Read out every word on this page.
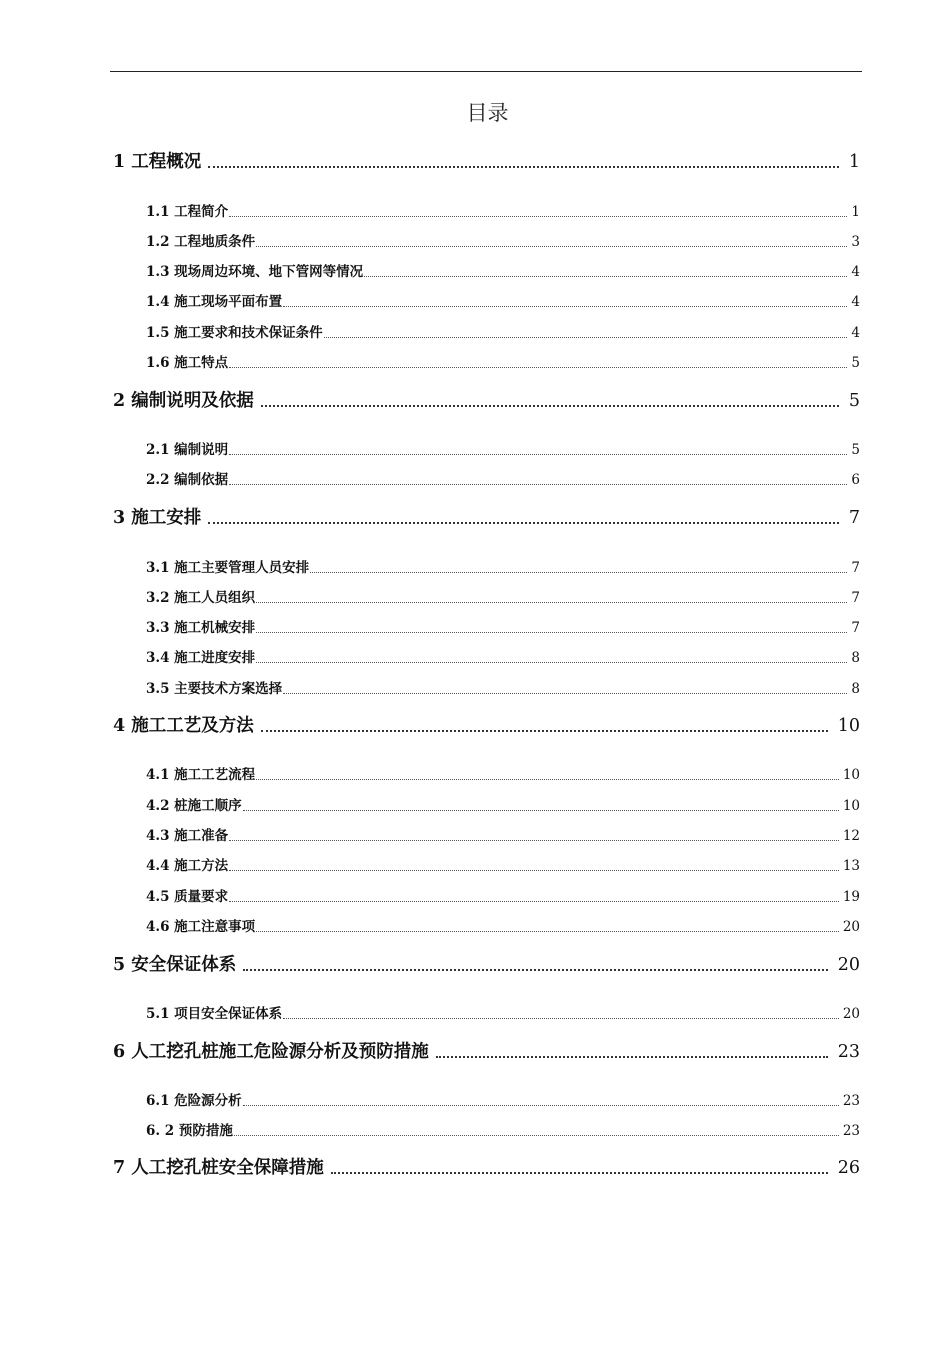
目录
1 工程概况	1
1.1 工程简介	1
1.2 工程地质条件	3
1.3 现场周边环境、地下管网等情况	4
1.4 施工现场平面布置	4
1.5 施工要求和技术保证条件	4
1.6 施工特点	5
2 编制说明及依据	5
2.1 编制说明	5
2.2 编制依据	6
3 施工安排	7
3.1 施工主要管理人员安排	7
3.2 施工人员组织	7
3.3 施工机械安排	7
3.4 施工进度安排	8
3.5 主要技术方案选择	8
4 施工工艺及方法	10
4.1 施工工艺流程	10
4.2 桩施工顺序	10
4.3 施工准备	12
4.4 施工方法	13
4.5 质量要求	19
4.6 施工注意事项	20
5 安全保证体系	20
5.1 项目安全保证体系	20
6 人工挖孔桩施工危险源分析及预防措施	23
6.1 危险源分析	23
6. 2 预防措施	23
7 人工挖孔桩安全保障措施	26
